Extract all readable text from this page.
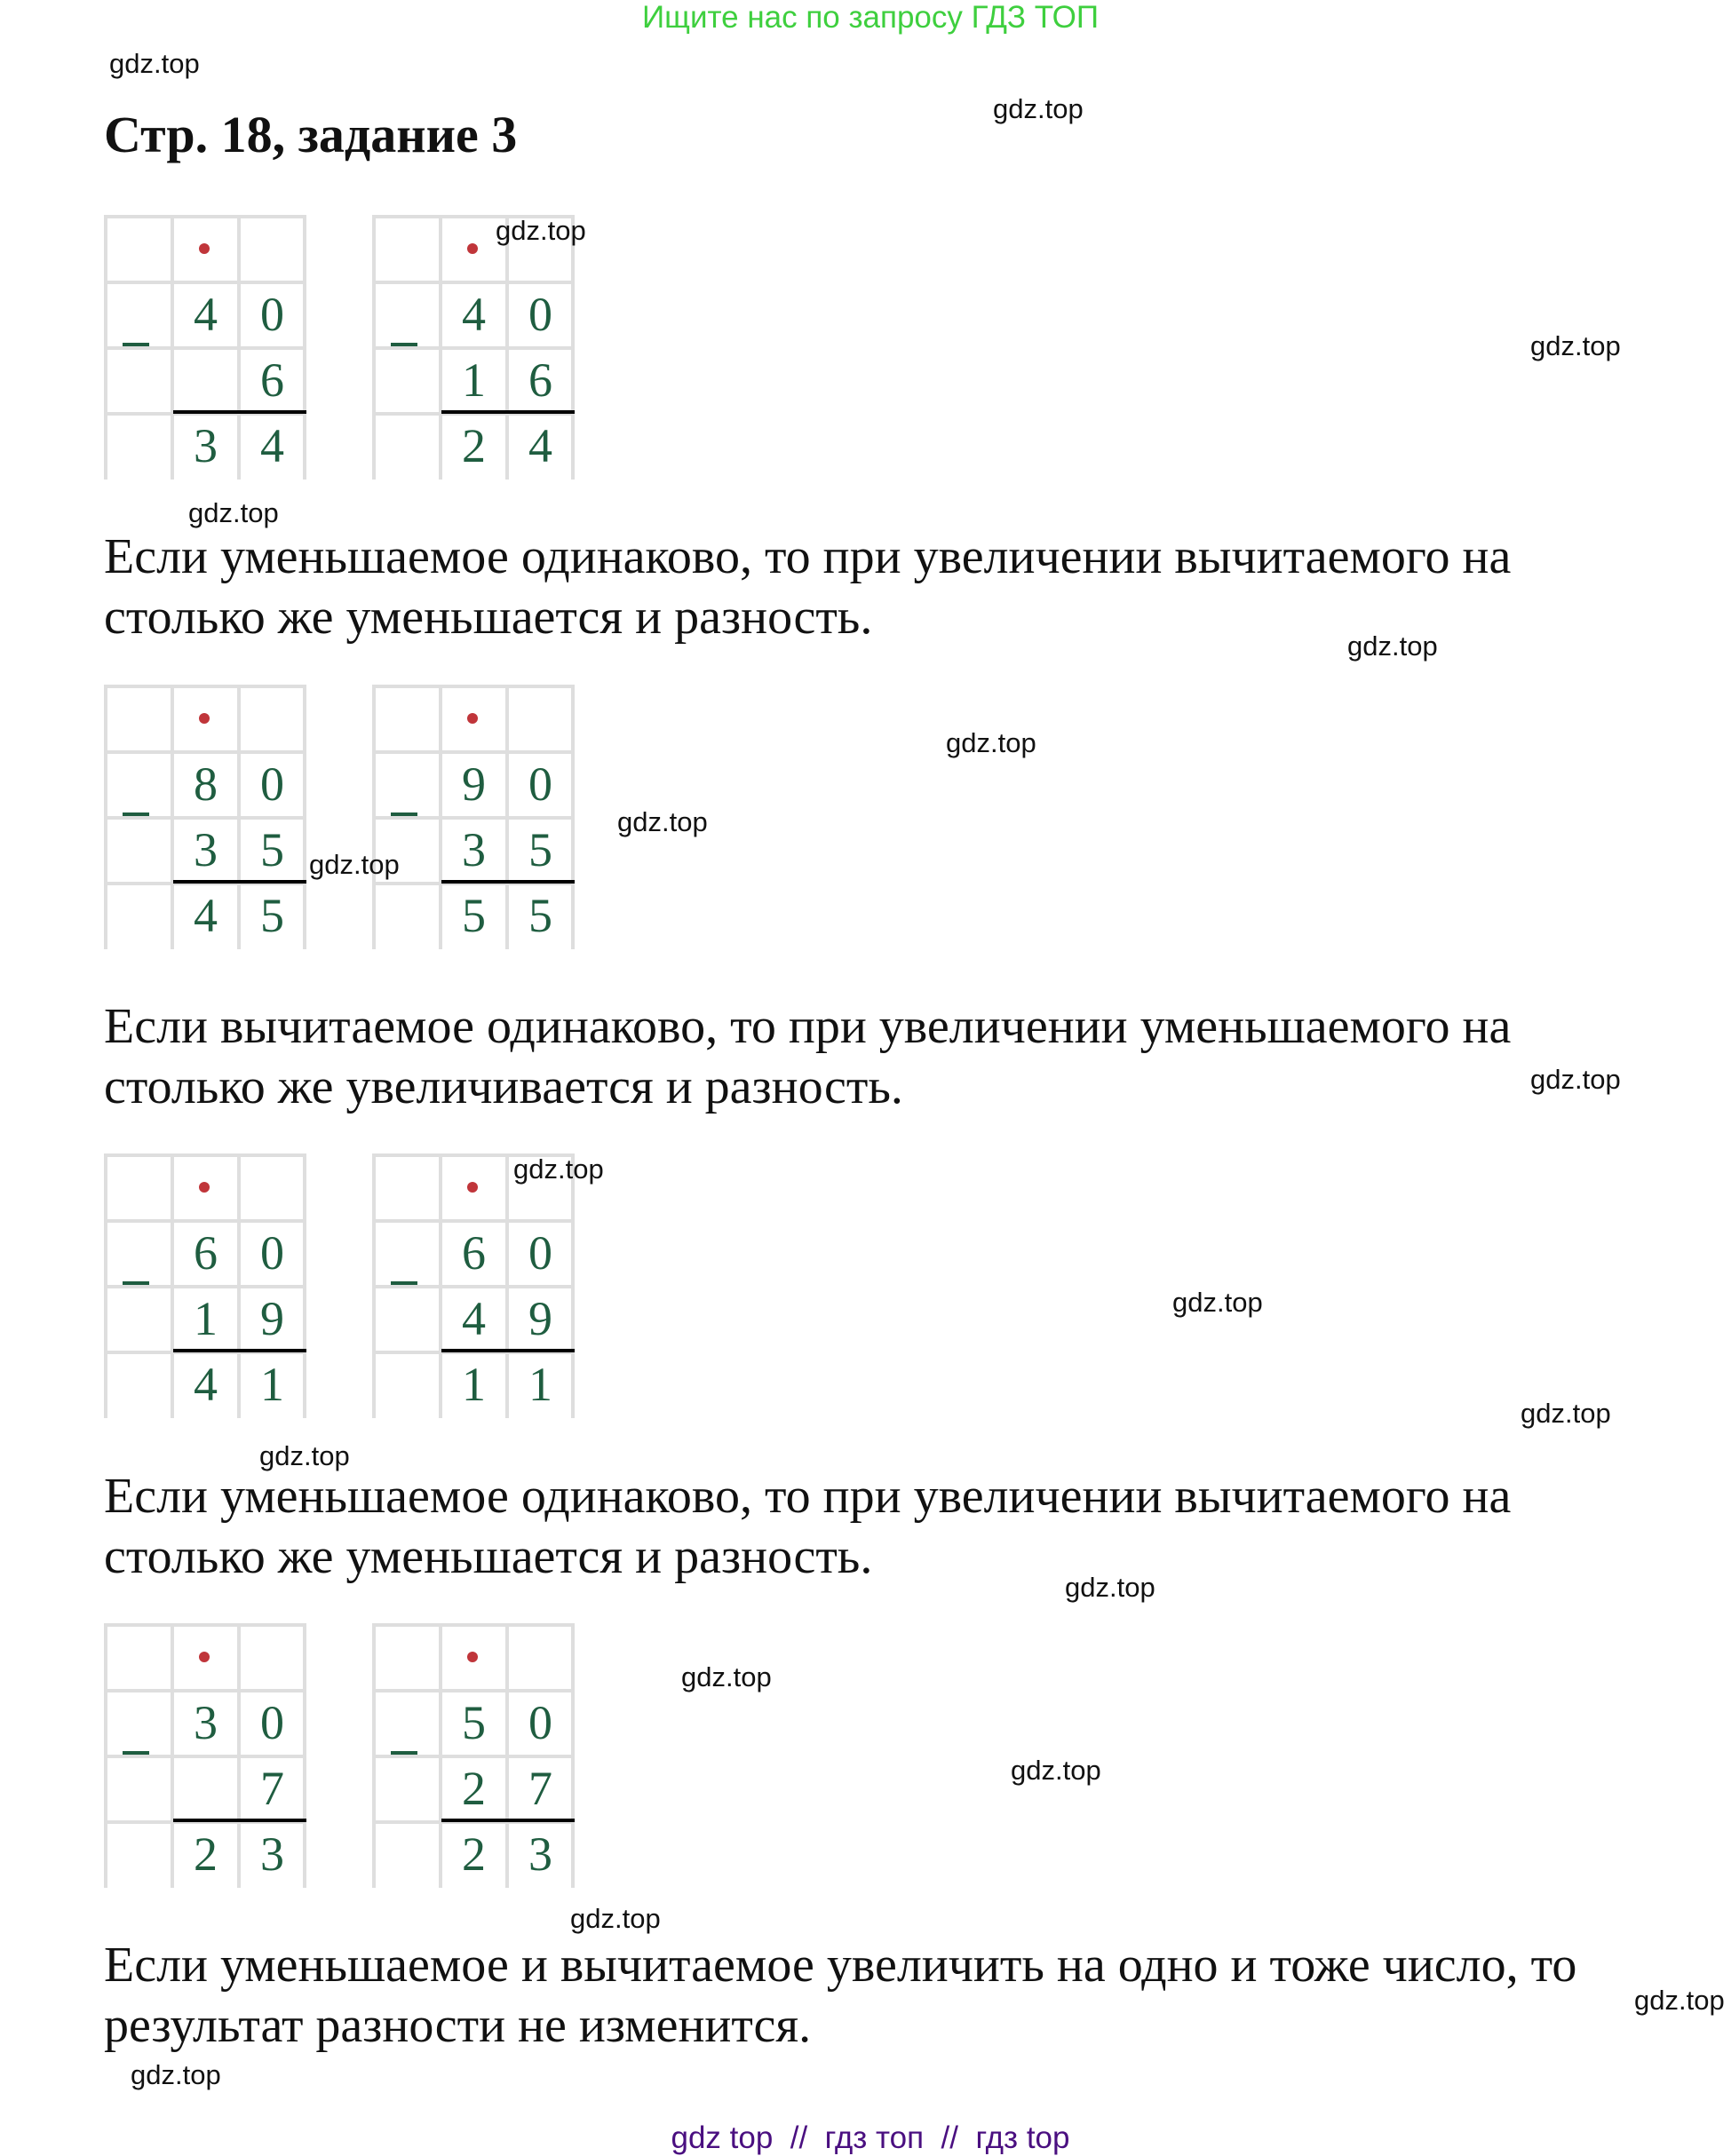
Ищите нас по запросу ГДЗ ТОП
Стр. 18, задание 3
4 0
6
3 4
4 0
1 6
2 4

Если уменьшаемое одинаково, то при увеличении вычитаемого на столько же уменьшается и разность.

8 0
3 5
4 5
9 0
3 5
5 5

Если вычитаемое одинаково, то при увеличении уменьшаемого на столько же увеличивается и разность.

6 0
1 9
4 1
6 0
4 9
1 1

Если уменьшаемое одинаково, то при увеличении вычитаемого на столько же уменьшается и разность.

3 0
7
2 3
5 0
2 7
2 3

Если уменьшаемое и вычитаемое увеличить на одно и тоже число, то результат разности не изменится.

gdz.top
gdz.top
gdz.top
gdz.top
gdz.top
gdz.top
gdz.top
gdz.top
gdz.top
gdz.top
gdz.top
gdz.top
gdz.top
gdz.top
gdz.top
gdz.top
gdz.top
gdz.top
gdz.top
gdz.top
gdz top  //  гдз топ  //  гдз top
